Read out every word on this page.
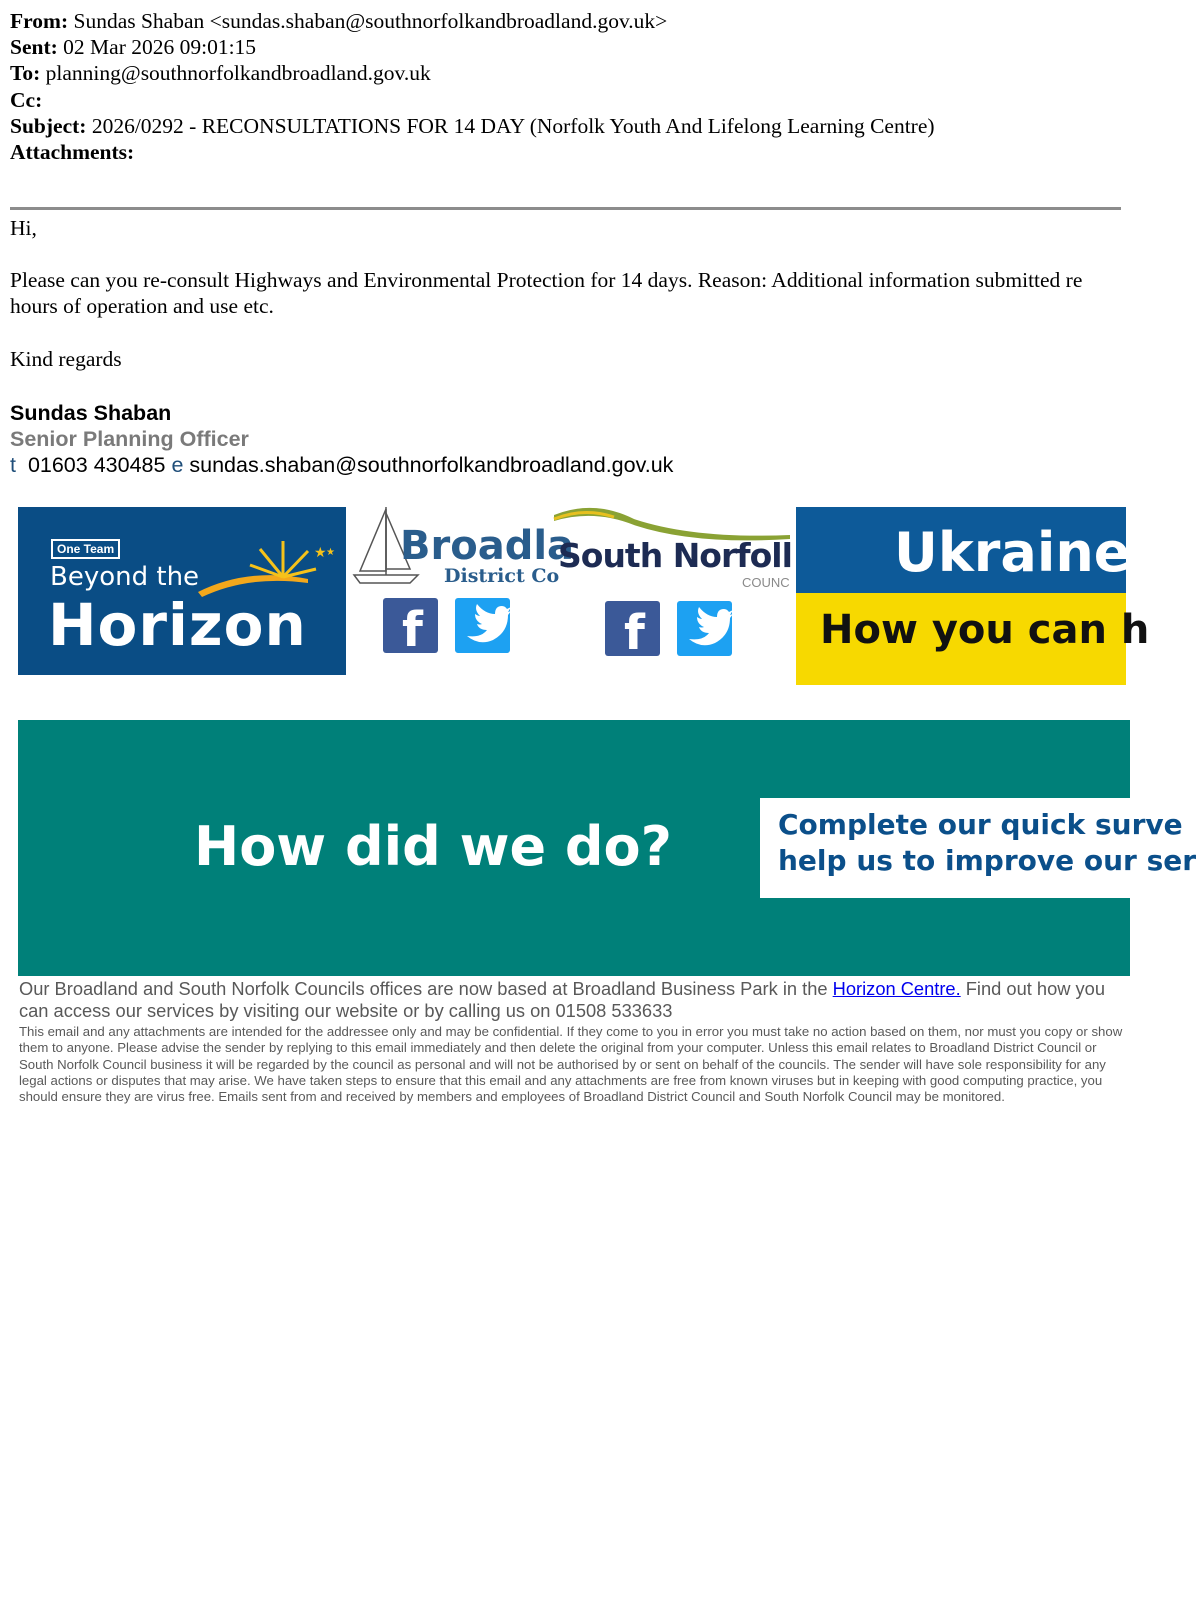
From: Sundas Shaban <sundas.shaban@southnorfolkandbroadland.gov.uk>
Sent: 02 Mar 2026 09:01:15
To: planning@southnorfolkandbroadland.gov.uk
Cc:
Subject: 2026/0292 - RECONSULTATIONS FOR 14 DAY (Norfolk Youth And Lifelong Learning Centre)
Attachments:

Hi,

Please can you re-consult Highways and Environmental Protection for 14 days. Reason: Additional information submitted re hours of operation and use etc.

Kind regards

Sundas Shaban
Senior Planning Officer
t 01603 430485 e sundas.shaban@southnorfolkandbroadland.gov.uk
One Team	★ ★
Beyond the
Horizon
Broadla
District Co
f
South Norfoll
COUNC
f
Ukraine
How you can h
How did we do?	Complete our quick surve
help us to improve our ser
Our Broadland and South Norfolk Councils offices are now based at Broadland Business Park in the Horizon Centre. Find out how you can access our services by visiting our website or by calling us on 01508 533633
This email and any attachments are intended for the addressee only and may be confidential. If they come to you in error you must take no action based on them, nor must you copy or show them to anyone. Please advise the sender by replying to this email immediately and then delete the original from your computer. Unless this email relates to Broadland District Council or South Norfolk Council business it will be regarded by the council as personal and will not be authorised by or sent on behalf of the councils. The sender will have sole responsibility for any legal actions or disputes that may arise. We have taken steps to ensure that this email and any attachments are free from known viruses but in keeping with good computing practice, you should ensure they are virus free. Emails sent from and received by members and employees of Broadland District Council and South Norfolk Council may be monitored.
